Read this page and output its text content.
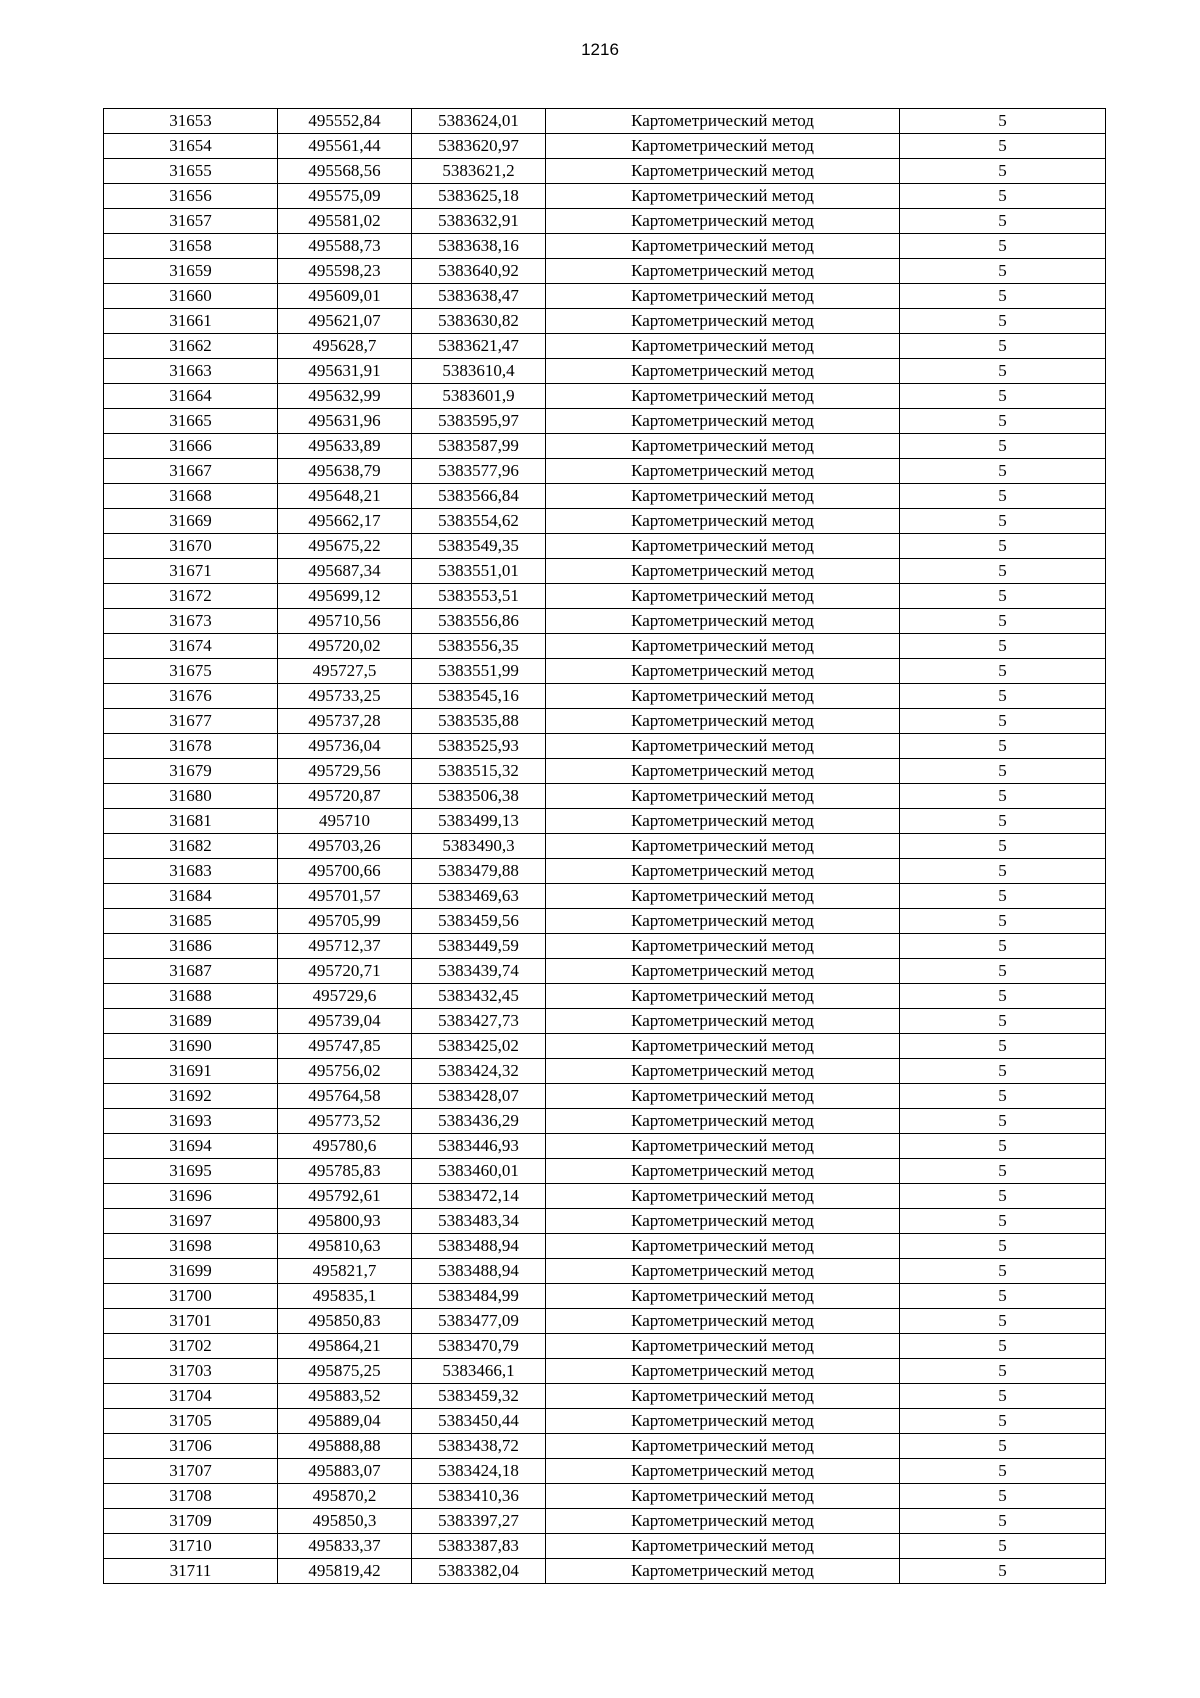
1216
31653	495552,84	5383624,01	Картометрический метод	5
31654	495561,44	5383620,97	Картометрический метод	5
31655	495568,56	5383621,2	Картометрический метод	5
31656	495575,09	5383625,18	Картометрический метод	5
31657	495581,02	5383632,91	Картометрический метод	5
31658	495588,73	5383638,16	Картометрический метод	5
31659	495598,23	5383640,92	Картометрический метод	5
31660	495609,01	5383638,47	Картометрический метод	5
31661	495621,07	5383630,82	Картометрический метод	5
31662	495628,7	5383621,47	Картометрический метод	5
31663	495631,91	5383610,4	Картометрический метод	5
31664	495632,99	5383601,9	Картометрический метод	5
31665	495631,96	5383595,97	Картометрический метод	5
31666	495633,89	5383587,99	Картометрический метод	5
31667	495638,79	5383577,96	Картометрический метод	5
31668	495648,21	5383566,84	Картометрический метод	5
31669	495662,17	5383554,62	Картометрический метод	5
31670	495675,22	5383549,35	Картометрический метод	5
31671	495687,34	5383551,01	Картометрический метод	5
31672	495699,12	5383553,51	Картометрический метод	5
31673	495710,56	5383556,86	Картометрический метод	5
31674	495720,02	5383556,35	Картометрический метод	5
31675	495727,5	5383551,99	Картометрический метод	5
31676	495733,25	5383545,16	Картометрический метод	5
31677	495737,28	5383535,88	Картометрический метод	5
31678	495736,04	5383525,93	Картометрический метод	5
31679	495729,56	5383515,32	Картометрический метод	5
31680	495720,87	5383506,38	Картометрический метод	5
31681	495710	5383499,13	Картометрический метод	5
31682	495703,26	5383490,3	Картометрический метод	5
31683	495700,66	5383479,88	Картометрический метод	5
31684	495701,57	5383469,63	Картометрический метод	5
31685	495705,99	5383459,56	Картометрический метод	5
31686	495712,37	5383449,59	Картометрический метод	5
31687	495720,71	5383439,74	Картометрический метод	5
31688	495729,6	5383432,45	Картометрический метод	5
31689	495739,04	5383427,73	Картометрический метод	5
31690	495747,85	5383425,02	Картометрический метод	5
31691	495756,02	5383424,32	Картометрический метод	5
31692	495764,58	5383428,07	Картометрический метод	5
31693	495773,52	5383436,29	Картометрический метод	5
31694	495780,6	5383446,93	Картометрический метод	5
31695	495785,83	5383460,01	Картометрический метод	5
31696	495792,61	5383472,14	Картометрический метод	5
31697	495800,93	5383483,34	Картометрический метод	5
31698	495810,63	5383488,94	Картометрический метод	5
31699	495821,7	5383488,94	Картометрический метод	5
31700	495835,1	5383484,99	Картометрический метод	5
31701	495850,83	5383477,09	Картометрический метод	5
31702	495864,21	5383470,79	Картометрический метод	5
31703	495875,25	5383466,1	Картометрический метод	5
31704	495883,52	5383459,32	Картометрический метод	5
31705	495889,04	5383450,44	Картометрический метод	5
31706	495888,88	5383438,72	Картометрический метод	5
31707	495883,07	5383424,18	Картометрический метод	5
31708	495870,2	5383410,36	Картометрический метод	5
31709	495850,3	5383397,27	Картометрический метод	5
31710	495833,37	5383387,83	Картометрический метод	5
31711	495819,42	5383382,04	Картометрический метод	5
